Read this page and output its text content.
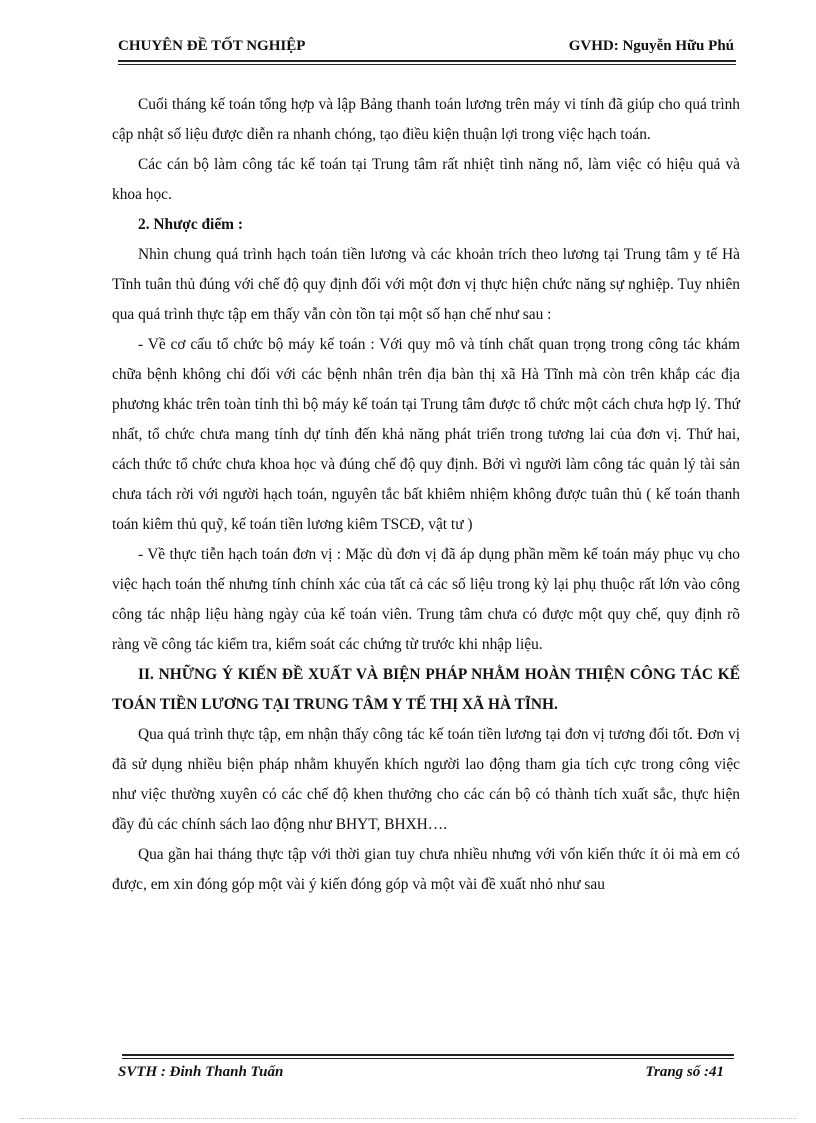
CHUYÊN ĐỀ TỐT NGHIỆP	GVHD: Nguyễn Hữu Phú

Cuối tháng kế toán tổng hợp và lập Bảng thanh toán lương trên máy vi tính đã giúp cho quá trình cập nhật số liệu được diễn ra nhanh chóng, tạo điều kiện thuận lợi trong việc hạch toán.

Các cán bộ làm công tác kế toán tại Trung tâm rất nhiệt tình năng nổ, làm việc có hiệu quả và khoa học.

2. Nhược điểm :

Nhìn chung quá trình hạch toán tiền lương và các khoản trích theo lương tại Trung tâm y tế Hà Tĩnh tuân thủ đúng với chế độ quy định đối với một đơn vị thực hiện chức năng sự nghiệp. Tuy nhiên qua quá trình thực tập em thấy vẫn còn tồn tại một số hạn chế như sau :

- Về cơ cấu tổ chức bộ máy kế toán : Với quy mô và tính chất quan trọng trong công tác khám chữa bệnh không chỉ đối với các bệnh nhân trên địa bàn thị xã Hà Tĩnh mà còn trên khắp các địa phương khác trên toàn tỉnh thì bộ máy kế toán tại Trung tâm được tổ chức một cách chưa hợp lý. Thứ nhất, tổ chức chưa mang tính dự tính đến khả năng phát triển trong tương lai của đơn vị. Thứ hai, cách thức tổ chức chưa khoa học và đúng chế độ quy định. Bởi vì người làm công tác quản lý tài sản chưa tách rời với người hạch toán, nguyên tắc bất khiêm nhiệm không được tuân thủ ( kế toán thanh toán kiêm thủ quỹ, kế toán tiền lương kiêm TSCĐ, vật tư )

- Về thực tiễn hạch toán đơn vị : Mặc dù đơn vị đã áp dụng phần mềm kế toán máy phục vụ cho việc hạch toán thế nhưng tính chính xác của tất cả các số liệu trong kỳ lại phụ thuộc rất lớn vào công công tác nhập liệu hàng ngày của kế toán viên. Trung tâm chưa có được một quy chế, quy định rõ ràng về công tác kiểm tra, kiểm soát các chứng từ trước khi nhập liệu.

II. NHỮNG Ý KIẾN ĐỀ XUẤT VÀ BIỆN PHÁP NHẰM HOÀN THIỆN CÔNG TÁC KẾ TOÁN TIỀN LƯƠNG TẠI TRUNG TÂM Y TẾ THỊ XÃ HÀ TĨNH.

Qua quá trình thực tập, em nhận thấy công tác kế toán tiền lương tại đơn vị tương đối tốt. Đơn vị đã sử dụng nhiều biện pháp nhằm khuyến khích người lao động tham gia tích cực trong công việc như việc thường xuyên có các chế độ khen thưởng cho các cán bộ có thành tích xuất sắc, thực hiện đầy đủ các chính sách lao động như BHYT, BHXH….

Qua gần hai tháng thực tập với thời gian tuy chưa nhiều nhưng với vốn kiến thức ít ỏi mà em có được, em xin đóng góp một vài ý kiến đóng góp và một vài đề xuất nhỏ như sau

SVTH : Đinh Thanh Tuấn	Trang số :41
